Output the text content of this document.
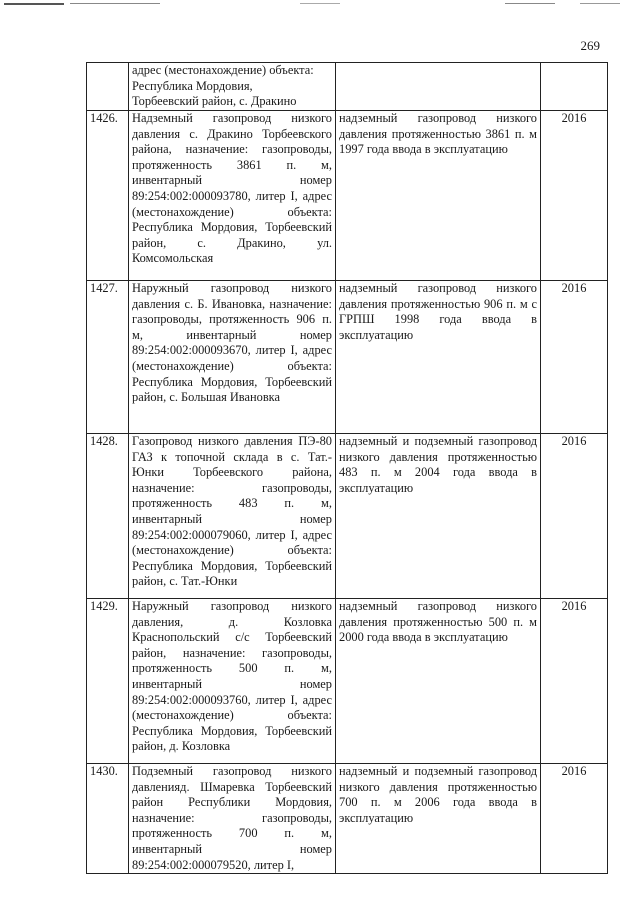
269

	адрес (местонахождение) объекта:
Республика Мордовия,
Торбеевский район, с. Дракино		

1426.	Надземный газопровод низкого давления с. Дракино Торбеевского района, назначение: газопроводы, протяженность 3861 п. м, инвентарный номер 89:254:002:000093780, литер I, адрес (местонахождение) объекта: Республика Мордовия, Торбеевский район, с. Дракино, ул. Комсомольская	надземный газопровод низкого давления протяженностью 3861 п. м 1997 года ввода в эксплуатацию	2016
1427.	Наружный газопровод низкого давления с. Б. Ивановка, назначение: газопроводы, протяженность 906 п. м, инвентарный номер 89:254:002:000093670, литер I, адрес (местонахождение) объекта: Республика Мордовия, Торбеевский район, с. Большая Ивановка	надземный газопровод низкого давления протяженностью 906 п. м с ГРПШ 1998 года ввода в эксплуатацию	2016
1428.	Газопровод низкого давления ПЭ-80 ГАЗ к топочной склада в с. Тат.-Юнки Торбеевского района, назначение: газопроводы, протяженность 483 п. м, инвентарный номер 89:254:002:000079060, литер I, адрес (местонахождение) объекта: Республика Мордовия, Торбеевский район, с. Тат.-Юнки	надземный и подземный газопровод низкого давления протяженностью 483 п. м 2004 года ввода в эксплуатацию	2016
1429.	Наружный газопровод низкого давления, д. Козловка Краснопольский с/с Торбеевский район, назначение: газопроводы, протяженность 500 п. м, инвентарный номер 89:254:002:000093760, литер I, адрес (местонахождение) объекта: Республика Мордовия, Торбеевский район, д. Козловка	надземный газопровод низкого давления протяженностью 500 п. м 2000 года ввода в эксплуатацию	2016
1430.	Подземный газопровод низкого давленияд. Шмаревка Торбеевский район Республики Мордовия, назначение: газопроводы, протяженность 700 п. м, инвентарный номер 89:254:002:000079520, литер I,	надземный и подземный газопровод низкого давления протяженностью 700 п. м 2006 года ввода в эксплуатацию	2016
